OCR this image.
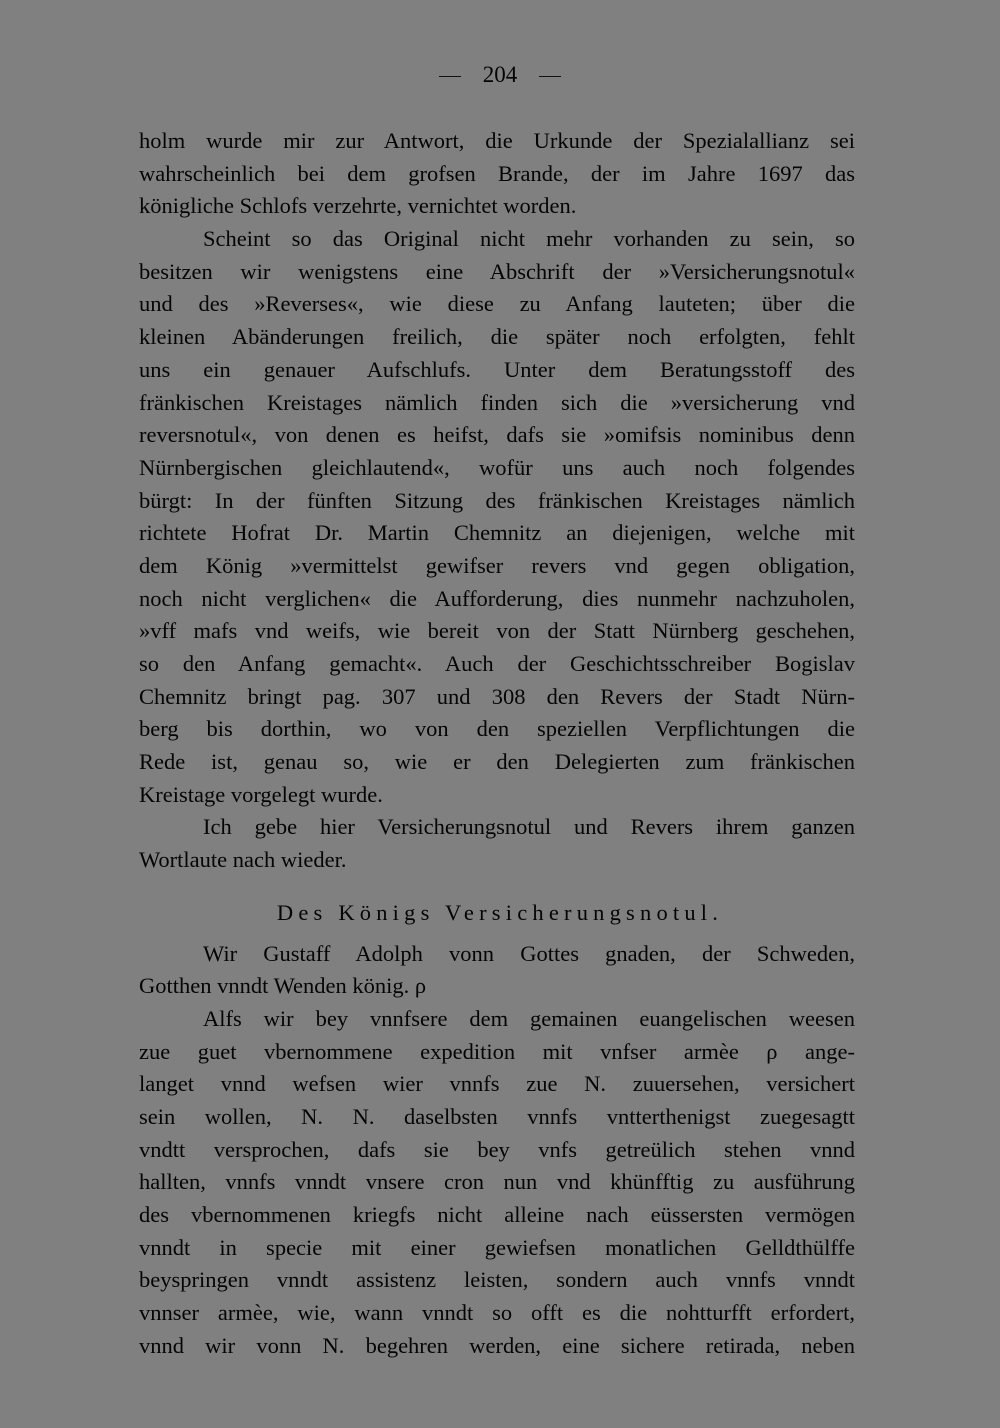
204
holm wurde mir zur Antwort, die Urkunde der Spezialallianz sei
wahrscheinlich bei dem grofsen Brande, der im Jahre 1697 das
königliche Schlofs verzehrte, vernichtet worden.
Scheint so das Original nicht mehr vorhanden zu sein, so
besitzen wir wenigstens eine Abschrift der »Versicherungsnotul«
und des »Reverses«, wie diese zu Anfang lauteten; über die
kleinen Abänderungen freilich, die später noch erfolgten, fehlt
uns ein genauer Aufschlufs. Unter dem Beratungsstoff des
fränkischen Kreistages nämlich finden sich die »versicherung vnd
reversnotul«, von denen es heifst, dafs sie »omifsis nominibus denn
Nürnbergischen gleichlautend«, wofür uns auch noch folgendes
bürgt: In der fünften Sitzung des fränkischen Kreistages nämlich
richtete Hofrat Dr. Martin Chemnitz an diejenigen, welche mit
dem König »vermittelst gewifser revers vnd gegen obligation,
noch nicht verglichen« die Aufforderung, dies nunmehr nachzuholen,
»vff mafs vnd weifs, wie bereit von der Statt Nürnberg geschehen,
so den Anfang gemacht«. Auch der Geschichtsschreiber Bogislav
Chemnitz bringt pag. 307 und 308 den Revers der Stadt Nürn-
berg bis dorthin, wo von den speziellen Verpflichtungen die
Rede ist, genau so, wie er den Delegierten zum fränkischen
Kreistage vorgelegt wurde.
Ich gebe hier Versicherungsnotul und Revers ihrem ganzen
Wortlaute nach wieder.
Des Königs Versicherungsnotul.
Wir Gustaff Adolph vonn Gottes gnaden, der Schweden,
Gotthen vnndt Wenden könig. ρ
Alfs wir bey vnnfsere dem gemainen euangelischen weesen
zue guet vbernommene expedition mit vnfser armèe ρ ange-
langet vnnd wefsen wier vnnfs zue N. zuuersehen, versichert
sein wollen, N. N. daselbsten vnnfs vntterthenigst zuegesagtt
vndtt versprochen, dafs sie bey vnfs getreülich stehen vnnd
hallten, vnnfs vnndt vnsere cron nun vnd khünfftig zu ausführung
des vbernommenen kriegfs nicht alleine nach eüssersten vermögen
vnndt in specie mit einer gewiefsen monatlichen Gelldthülffe
beyspringen vnndt assistenz leisten, sondern auch vnnfs vnndt
vnnser armèe, wie, wann vnndt so offt es die nohtturfft erfordert,
vnnd wir vonn N. begehren werden, eine sichere retirada, neben
